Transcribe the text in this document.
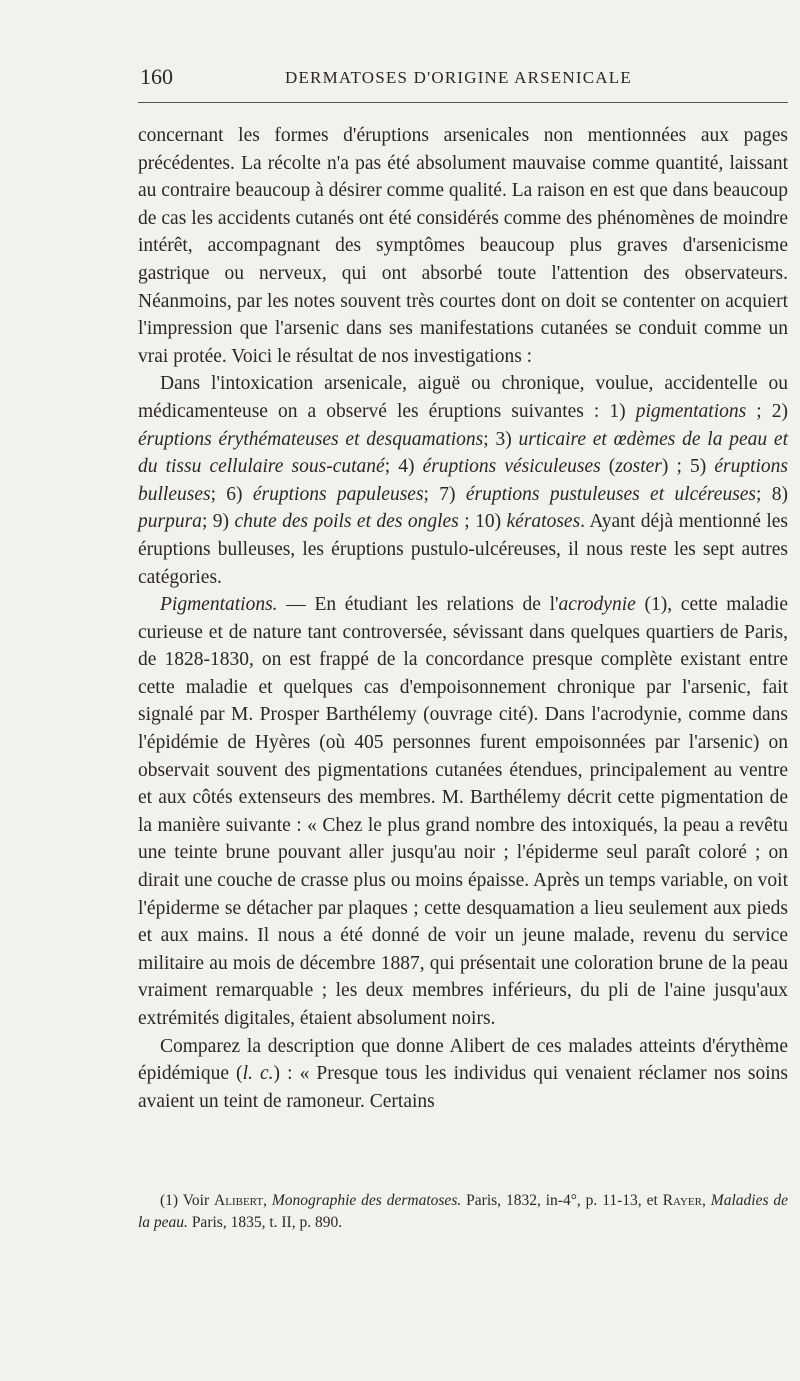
160	DERMATOSES D'ORIGINE ARSENICALE

concernant les formes d'éruptions arsenicales non mentionnées aux pages précédentes. La récolte n'a pas été absolument mauvaise comme quantité, laissant au contraire beaucoup à désirer comme qualité. La raison en est que dans beaucoup de cas les accidents cutanés ont été considérés comme des phénomènes de moindre intérêt, accompagnant des symptômes beaucoup plus graves d'arsenicisme gastrique ou nerveux, qui ont absorbé toute l'attention des observateurs. Néanmoins, par les notes souvent très courtes dont on doit se contenter on acquiert l'impression que l'arsenic dans ses manifestations cutanées se conduit comme un vrai protée. Voici le résultat de nos investigations :

Dans l'intoxication arsenicale, aiguë ou chronique, voulue, accidentelle ou médicamenteuse on a observé les éruptions suivantes : 1) pigmentations ; 2) éruptions érythémateuses et desquamations; 3) urticaire et œdèmes de la peau et du tissu cellulaire sous-cutané; 4) éruptions vésiculeuses (zoster) ; 5) éruptions bulleuses; 6) éruptions papuleuses; 7) éruptions pustuleuses et ulcéreuses; 8) purpura; 9) chute des poils et des ongles ; 10) kératoses. Ayant déjà mentionné les éruptions bulleuses, les éruptions pustulo-ulcéreuses, il nous reste les sept autres catégories.

Pigmentations. — En étudiant les relations de l'acrodynie (1), cette maladie curieuse et de nature tant controversée, sévissant dans quelques quartiers de Paris, de 1828-1830, on est frappé de la concordance presque complète existant entre cette maladie et quelques cas d'empoisonnement chronique par l'arsenic, fait signalé par M. Prosper Barthélemy (ouvrage cité). Dans l'acrodynie, comme dans l'épidémie de Hyères (où 405 personnes furent empoisonnées par l'arsenic) on observait souvent des pigmentations cutanées étendues, principalement au ventre et aux côtés extenseurs des membres. M. Barthélemy décrit cette pigmentation de la manière suivante : « Chez le plus grand nombre des intoxiqués, la peau a revêtu une teinte brune pouvant aller jusqu'au noir ; l'épiderme seul paraît coloré ; on dirait une couche de crasse plus ou moins épaisse. Après un temps variable, on voit l'épiderme se détacher par plaques ; cette desquamation a lieu seulement aux pieds et aux mains. Il nous a été donné de voir un jeune malade, revenu du service militaire au mois de décembre 1887, qui présentait une coloration brune de la peau vraiment remarquable ; les deux membres inférieurs, du pli de l'aine jusqu'aux extrémités digitales, étaient absolument noirs.

Comparez la description que donne Alibert de ces malades atteints d'érythème épidémique (l. c.) : « Presque tous les individus qui venaient réclamer nos soins avaient un teint de ramoneur. Certains

(1) Voir Alibert, Monographie des dermatoses. Paris, 1832, in-4°, p. 11-13, et Rayer, Maladies de la peau. Paris, 1835, t. II, p. 890.
